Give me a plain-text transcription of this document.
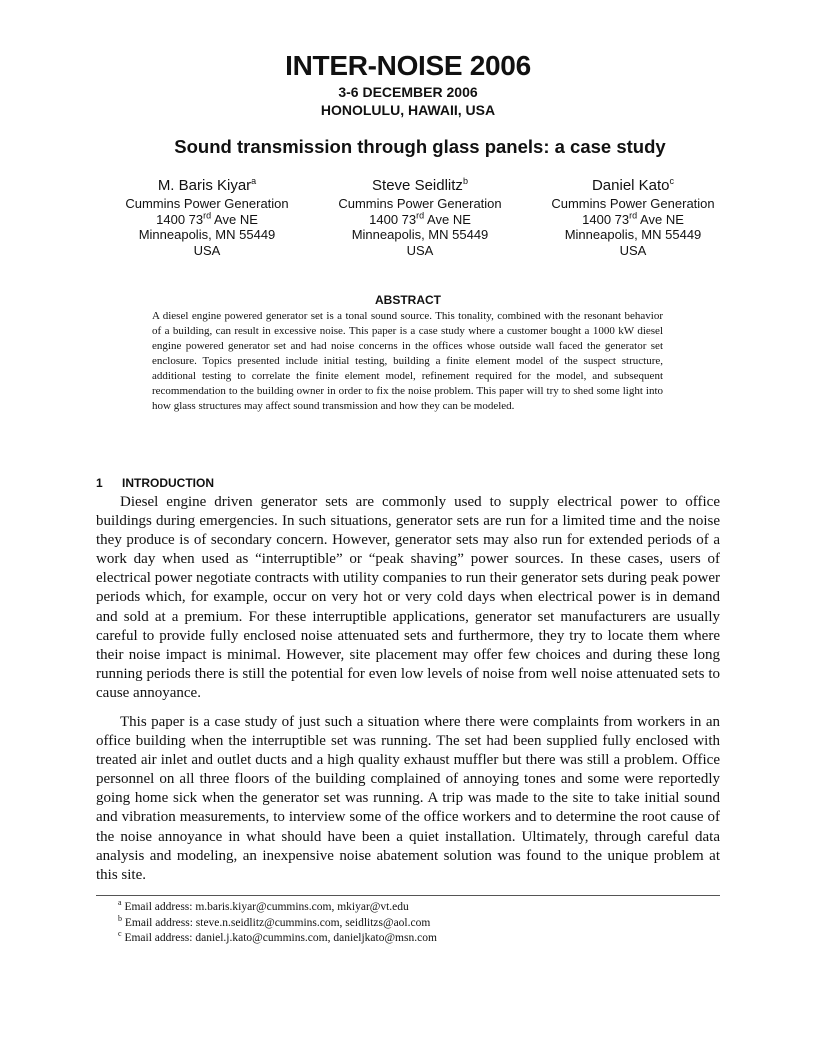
INTER-NOISE 2006
3-6 DECEMBER 2006
HONOLULU, HAWAII, USA
Sound transmission through glass panels: a case study
M. Baris Kiyar$^a$
Cummins Power Generation
1400 73rd Ave NE
Minneapolis, MN 55449
USA
Steve Seidlitz$^b$
Cummins Power Generation
1400 73rd Ave NE
Minneapolis, MN 55449
USA
Daniel Kato$^c$
Cummins Power Generation
1400 73rd Ave NE
Minneapolis, MN 55449
USA
ABSTRACT
A diesel engine powered generator set is a tonal sound source. This tonality, combined with the resonant behavior of a building, can result in excessive noise. This paper is a case study where a customer bought a 1000 kW diesel engine powered generator set and had noise concerns in the offices whose outside wall faced the generator set enclosure. Topics presented include initial testing, building a finite element model of the suspect structure, additional testing to correlate the finite element model, refinement required for the model, and subsequent recommendation to the building owner in order to fix the noise problem. This paper will try to shed some light into how glass structures may affect sound transmission and how they can be modeled.
1 INTRODUCTION
Diesel engine driven generator sets are commonly used to supply electrical power to office buildings during emergencies. In such situations, generator sets are run for a limited time and the noise they produce is of secondary concern. However, generator sets may also run for extended periods of a work day when used as “interruptible” or “peak shaving” power sources. In these cases, users of electrical power negotiate contracts with utility companies to run their generator sets during peak power periods which, for example, occur on very hot or very cold days when electrical power is in demand and sold at a premium. For these interruptible applications, generator set manufacturers are usually careful to provide fully enclosed noise attenuated sets and furthermore, they try to locate them where their noise impact is minimal. However, site placement may offer few choices and during these long running periods there is still the potential for even low levels of noise from well noise attenuated sets to cause annoyance.
This paper is a case study of just such a situation where there were complaints from workers in an office building when the interruptible set was running. The set had been supplied fully enclosed with treated air inlet and outlet ducts and a high quality exhaust muffler but there was still a problem. Office personnel on all three floors of the building complained of annoying tones and some were reportedly going home sick when the generator set was running. A trip was made to the site to take initial sound and vibration measurements, to interview some of the office workers and to determine the root cause of the noise annoyance in what should have been a quiet installation. Ultimately, through careful data analysis and modeling, an inexpensive noise abatement solution was found to the unique problem at this site.
$^a$ Email address: m.baris.kiyar@cummins.com, mkiyar@vt.edu
$^b$ Email address: steve.n.seidlitz@cummins.com, seidlitzs@aol.com
$^c$ Email address: daniel.j.kato@cummins.com, danieljkato@msn.com
